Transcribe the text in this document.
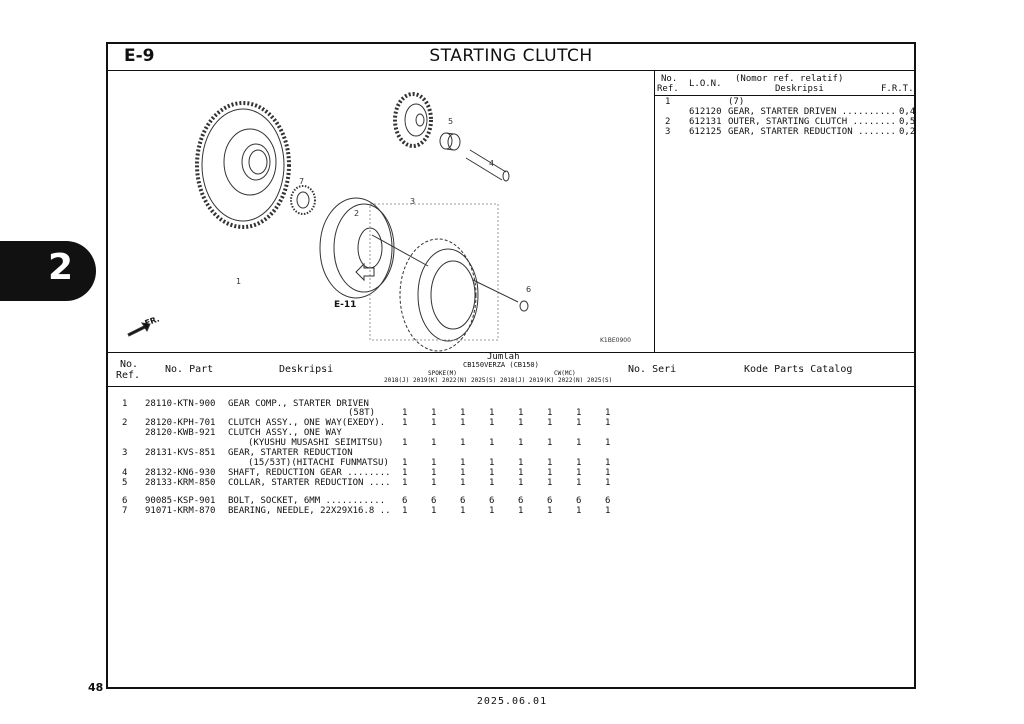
2
E-9	STARTING CLUTCH
1
2
3
4
5
6
7
E-11
FR.
K1BE0900
No.
Ref. L.O.N. (Nomor ref. relatif)
Deskripsi	F.R.T.
1	(7)
612120 GEAR, STARTER DRIVEN .......... 0,4
2 612131 OUTER, STARTING CLUTCH ........ 0,5
3 612125 GEAR, STARTER REDUCTION ....... 0,2
No.
Ref.
No. Part	Deskripsi
Jumlah
CB150VERZA (CB150)
SPOKE(M)	CW(MC)	No. Seri	Kode Parts Catalog
2018(J) 2019(K) 2022(N) 2025(S) 2018(J) 2019(K) 2022(N) 2025(S)
1 28110-KTN-900 GEAR COMP., STARTER DRIVEN
(58T)	1	1	1	1	1	1	1	1
2 28120-KPH-701 CLUTCH ASSY., ONE WAY(EXEDY). 1	1	1	1	1	1	1	1
28120-KWB-921 CLUTCH ASSY., ONE WAY
(KYUSHU MUSASHI SEIMITSU) 1	1	1	1	1	1	1	1
3 28131-KVS-851 GEAR, STARTER REDUCTION
(15/53T)(HITACHI FUNMATSU) 1	1	1	1	1	1	1	1
4 28132-KN6-930 SHAFT, REDUCTION GEAR ........ 1	1	1	1	1	1	1	1
5 28133-KRM-850 COLLAR, STARTER REDUCTION .... 1	1	1	1	1	1	1	1
6 90085-KSP-901 BOLT, SOCKET, 6MM ........... 6	6	6	6	6	6	6	6
7 91071-KRM-870 BEARING, NEEDLE, 22X29X16.8 .. 1	1	1	1	1	1	1	1
48
2025.06.01
